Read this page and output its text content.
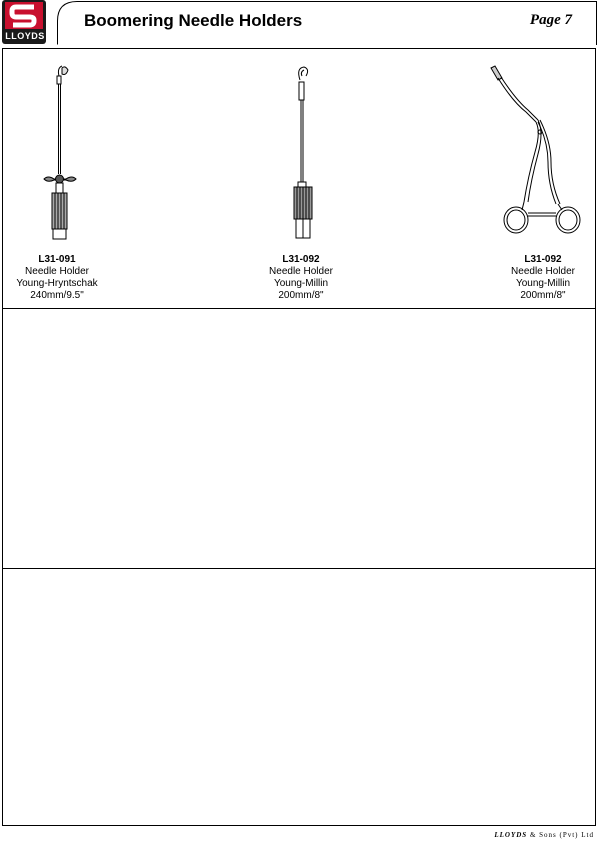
LLOYDS
Boomering Needle Holders	Page 7
L31-091
Needle Holder
Young-Hryntschak
240mm/9.5"
L31-092
Needle Holder
Young-Millin
200mm/8"
L31-092
Needle Holder
Young-Millin
200mm/8"
LLOYDS & Sons (Pvt) Ltd
